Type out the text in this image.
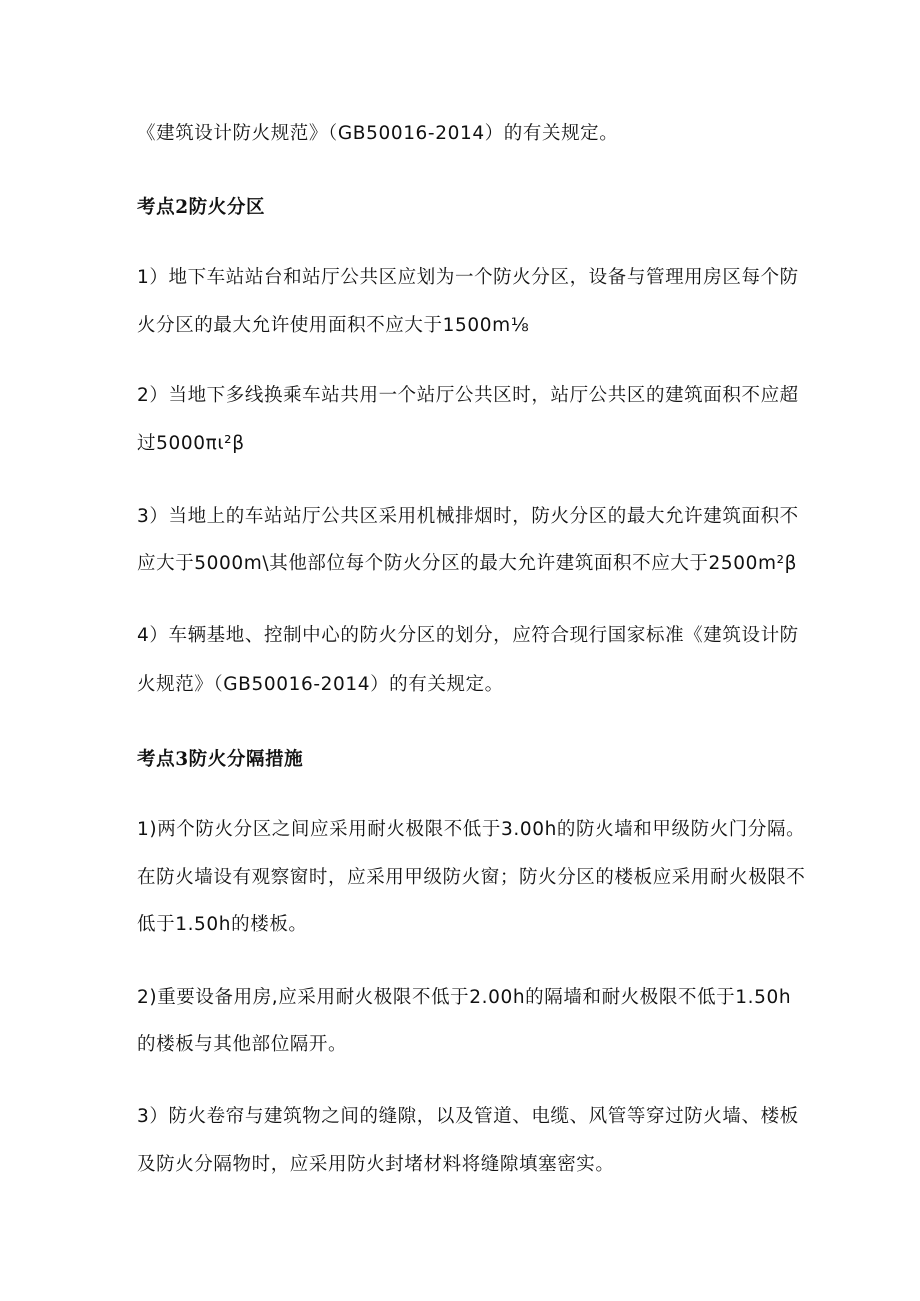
《建筑设计防火规范》（GB50016-2014）的有关规定。
考点2防火分区
1）地下车站站台和站厅公共区应划为一个防火分区，设备与管理用房区每个防
火分区的最大允许使用面积不应大于1500m⅛
2）当地下多线换乘车站共用一个站厅公共区时，站厅公共区的建筑面积不应超
过5000πι²β
3）当地上的车站站厅公共区采用机械排烟时，防火分区的最大允许建筑面积不
应大于5000m\其他部位每个防火分区的最大允许建筑面积不应大于2500m²β
4）车辆基地、控制中心的防火分区的划分，应符合现行国家标准《建筑设计防
火规范》（GB50016-2014）的有关规定。
考点3防火分隔措施
1)两个防火分区之间应采用耐火极限不低于3.00h的防火墙和甲级防火门分隔。
在防火墙设有观察窗时，应采用甲级防火窗；防火分区的楼板应采用耐火极限不
低于1.50h的楼板。
2)重要设备用房,应采用耐火极限不低于2.00h的隔墙和耐火极限不低于1.50h
的楼板与其他部位隔开。
3）防火卷帘与建筑物之间的缝隙，以及管道、电缆、风管等穿过防火墙、楼板
及防火分隔物时，应采用防火封堵材料将缝隙填塞密实。
